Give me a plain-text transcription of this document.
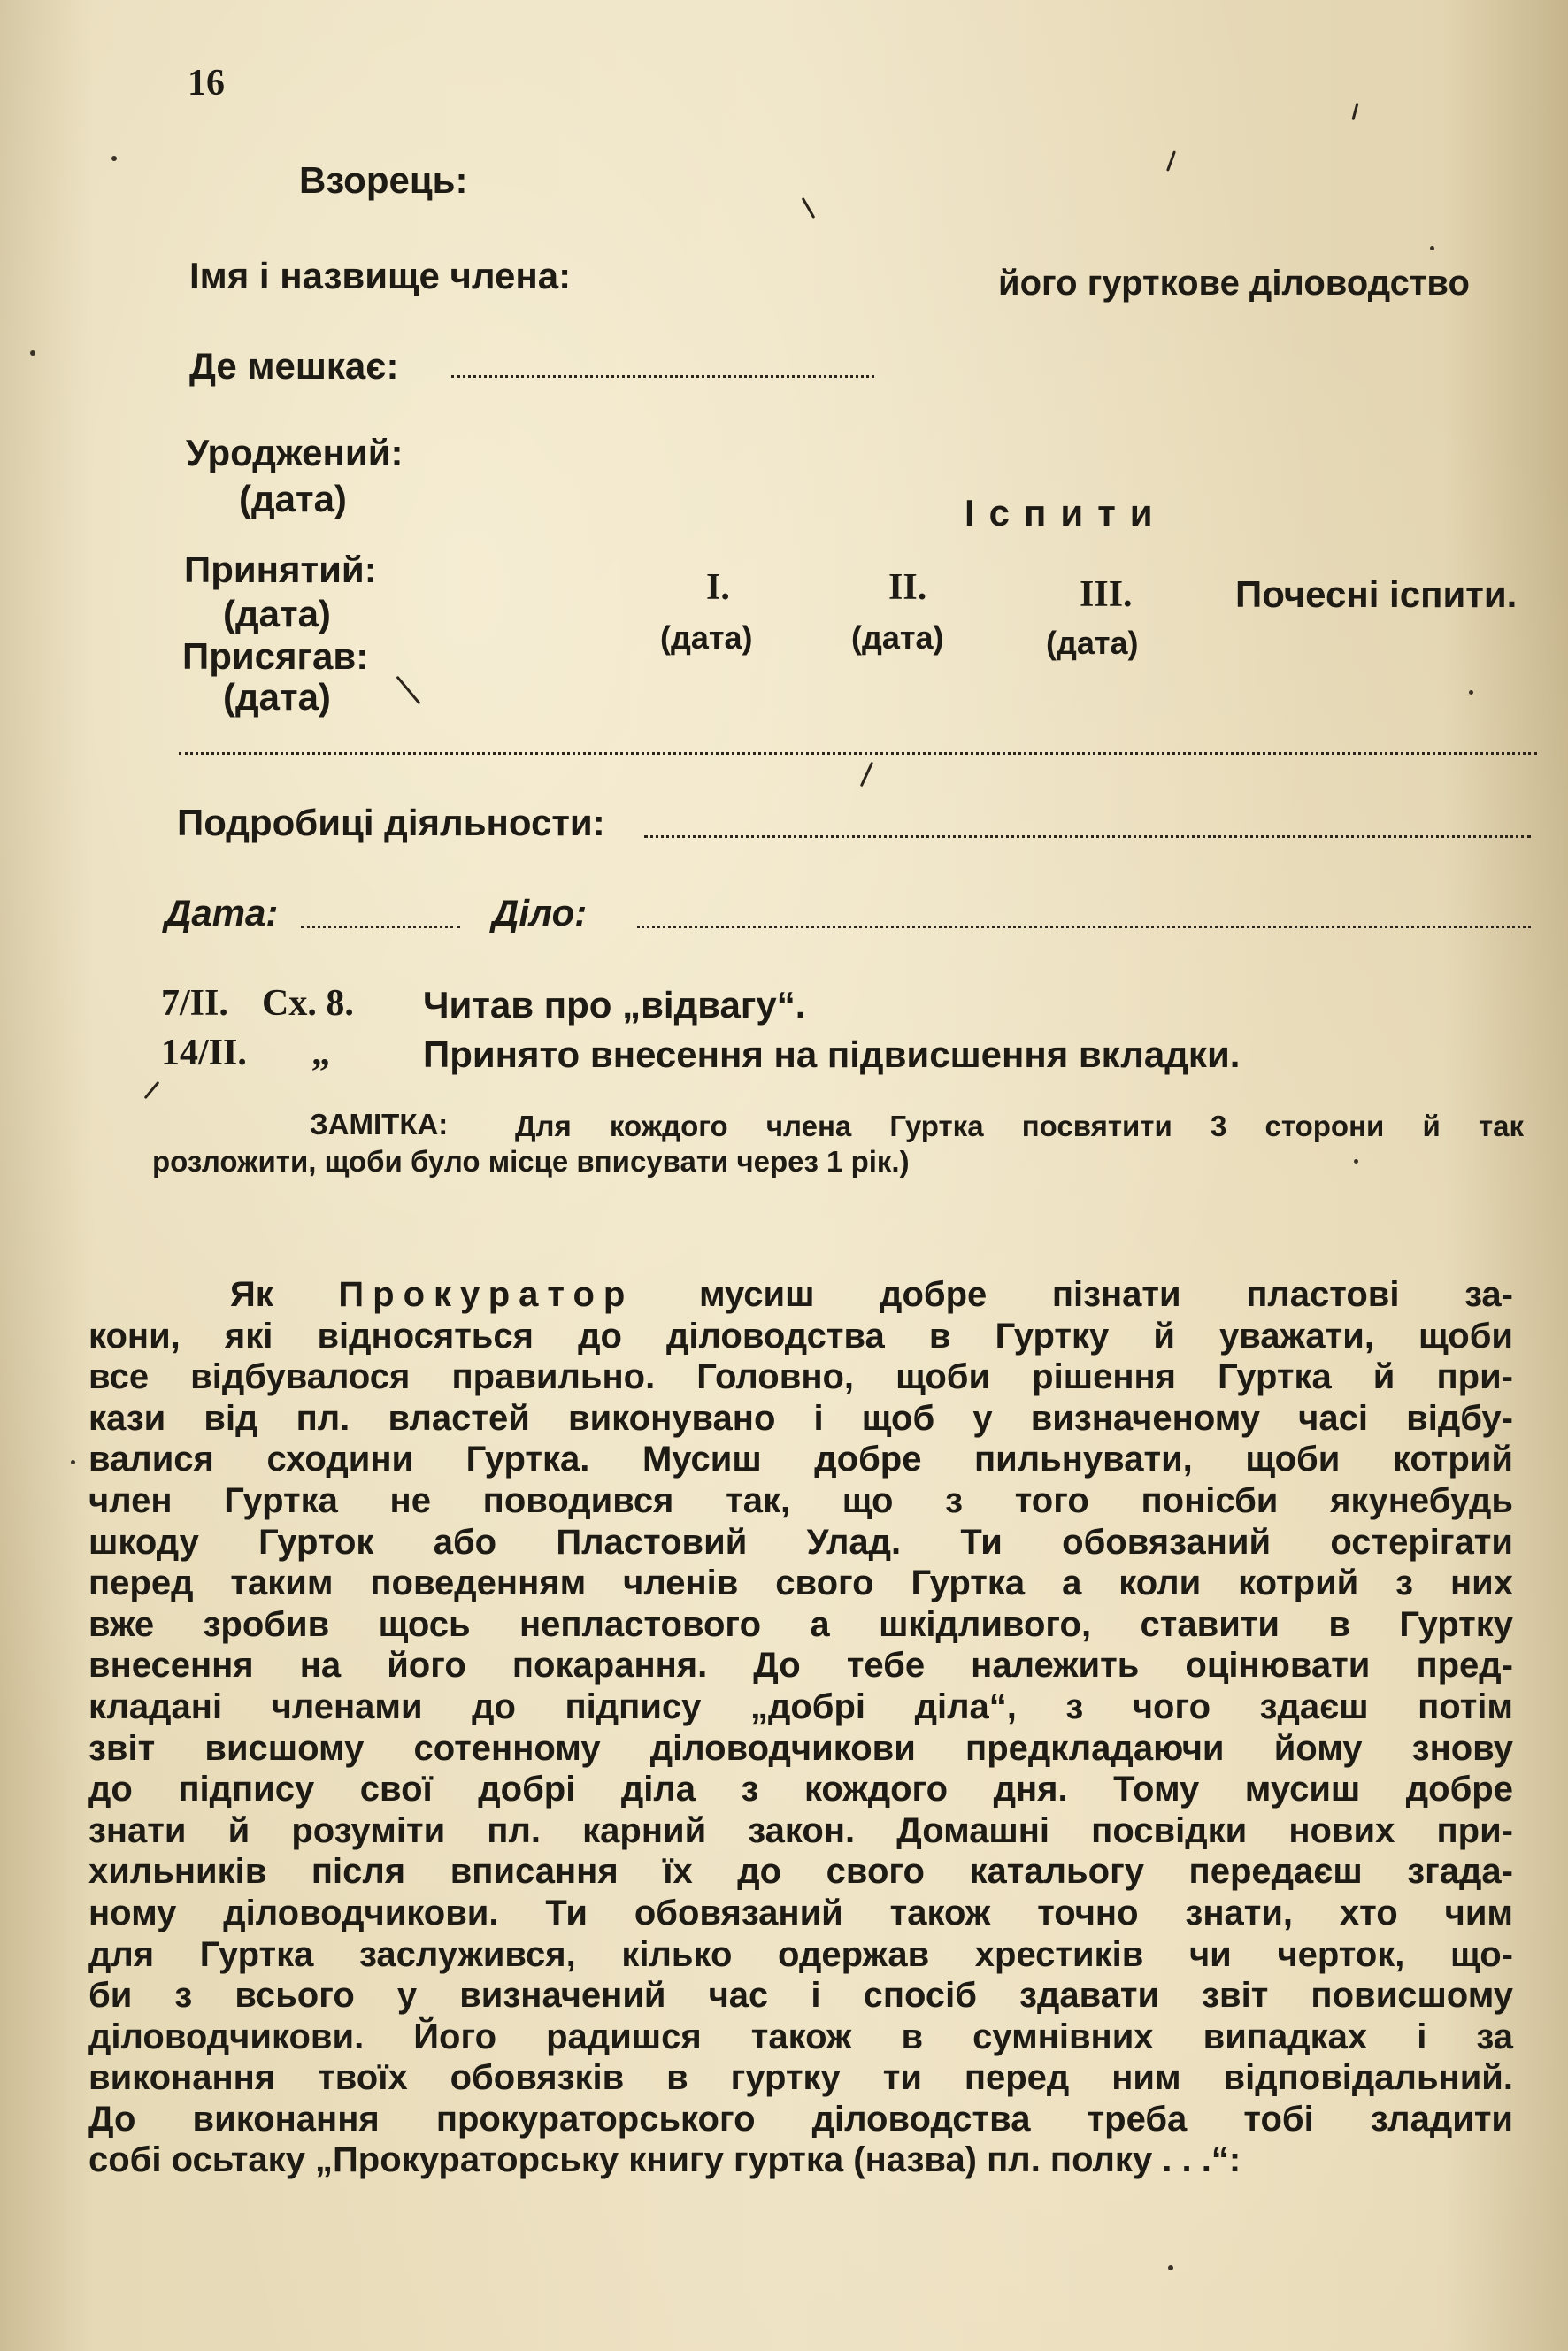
16
Взорець:
Імя і назвище члена:	його гурткове діловодство
Де мешкає:
Уроджений:
(дата)	Іспити
Принятий:
(дата)
Присягав:
(дата)
I.
(дата)
II.
(дата)
III.
(дата)
Почесні іспити.
Подробиці діяльности:
Дата:	Діло:
7/II. Сх. 8. Читав про „відвагу“.
14/II. „	Принято внесення на підвисшення вкладки.
ЗАМІТКА: Для кождого члена Гуртка посвятити 3 сторони й так
розложити, щоби було місце вписувати через 1 рік.)
Як Прокуратор мусиш добре пізнати пластові за-
кони, які відносяться до діловодства в Гуртку й уважати, щоби
все відбувалося правильно. Головно, щоби рішення Гуртка й при-
кази від пл. властей виконувано і щоб у визначеному часі відбу-
валися сходини Гуртка. Мусиш добре пильнувати, щоби котрий
член Гуртка не поводився так, що з того понісби якунебудь
шкоду Гурток або Пластовий Улад. Ти обовязаний остерігати
перед таким поведенням членів свого Гуртка а коли котрий з них
вже зробив щось непластового а шкідливого, ставити в Гуртку
внесення на його покарання. До тебе належить оцінювати пред-
кладані членами до підпису „добрі діла“, з чого здаєш потім
звіт висшому сотенному діловодчикови предкладаючи йому знову
до підпису свої добрі діла з кождого дня. Тому мусиш добре
знати й розуміти пл. карний закон. Домашні посвідки нових при-
хильників після вписання їх до свого катальогу передаєш згада-
ному діловодчикови. Ти обовязаний також точно знати, хто чим
для Гуртка заслужився, кілько одержав хрестиків чи черток, що-
би з всього у визначений час і спосіб здавати звіт повисшому
діловодчикови. Його радишся також в сумнівних випадках і за
виконання твоїх обовязків в гуртку ти перед ним відповідальний.
До виконання прокураторського діловодства треба тобі зладити
собі осьтаку „Прокураторську книгу гуртка (назва) пл. полку . . .“:
